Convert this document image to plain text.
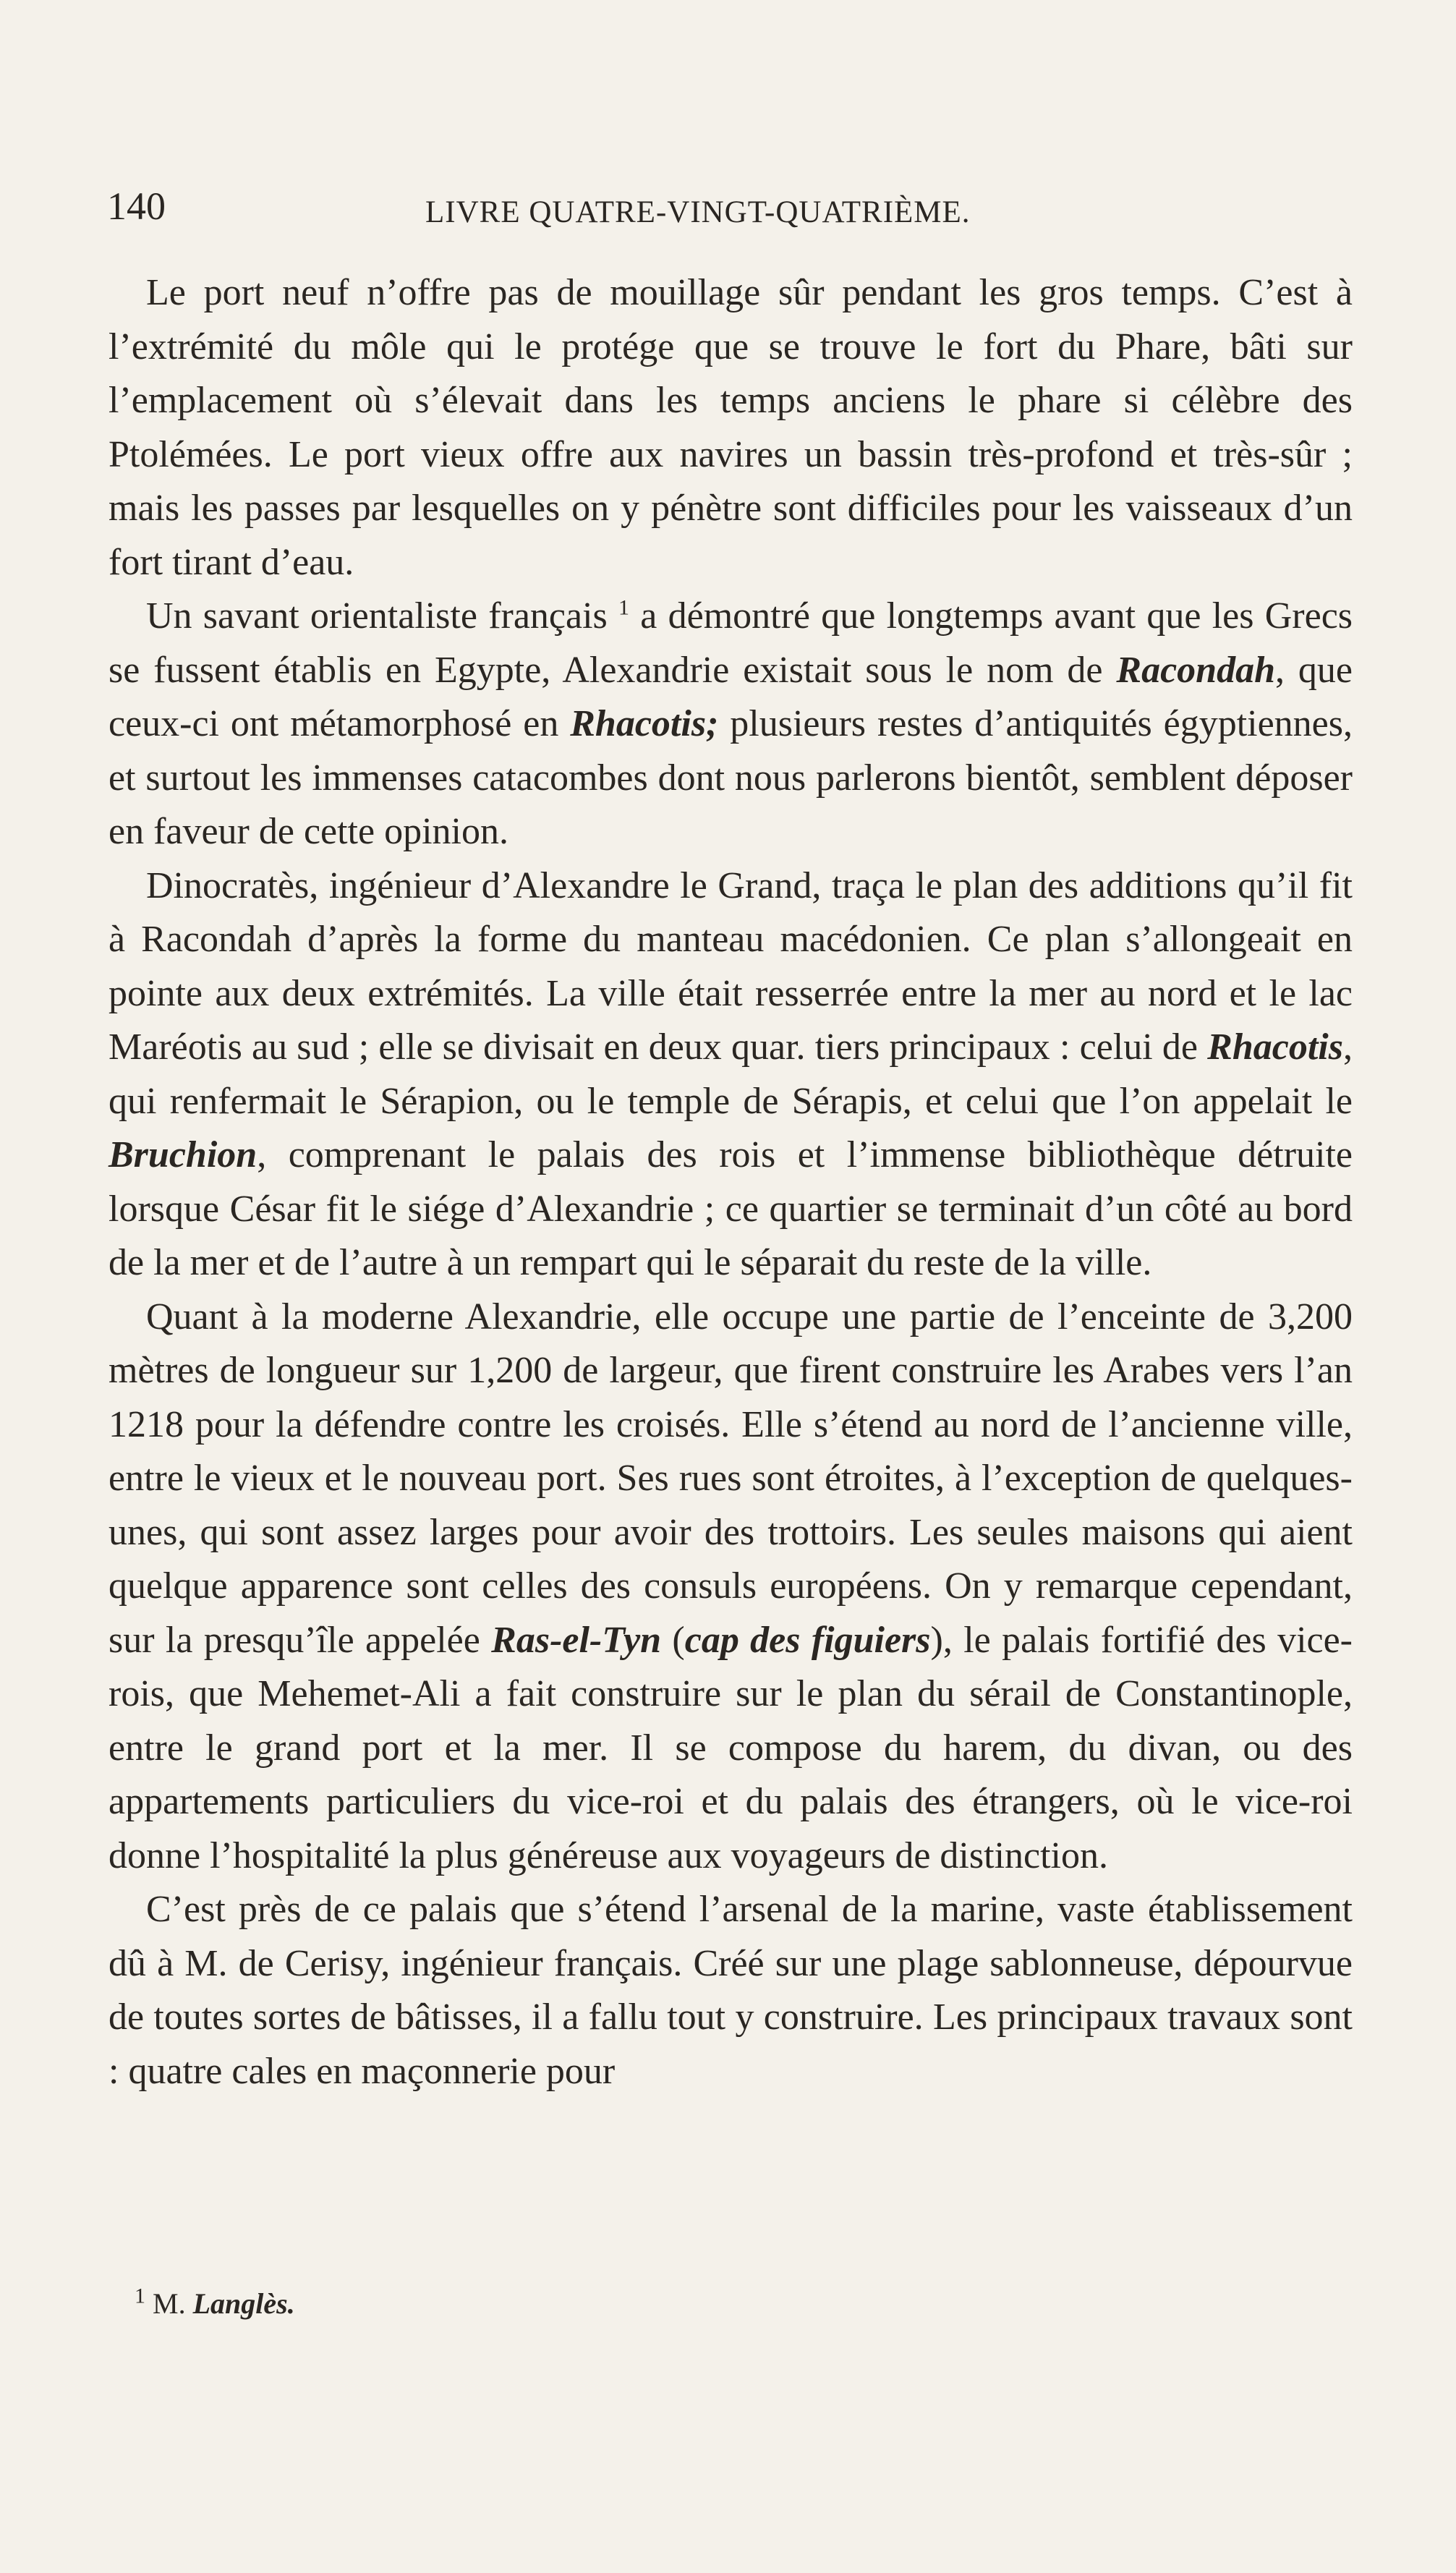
140	LIVRE QUATRE-VINGT-QUATRIÈME.

Le port neuf n’offre pas de mouillage sûr pendant les gros temps. C’est à l’extrémité du môle qui le protége que se trouve le fort du Phare, bâti sur l’emplacement où s’élevait dans les temps anciens le phare si célèbre des Ptolémées. Le port vieux offre aux navires un bassin très-profond et très-sûr ; mais les passes par lesquelles on y pénètre sont difficiles pour les vaisseaux d’un fort tirant d’eau.

Un savant orientaliste français $^1$ a démontré que longtemps avant que les Grecs se fussent établis en Egypte, Alexandrie existait sous le nom de Racondah, que ceux-ci ont métamorphosé en Rhacotis; plusieurs restes d’antiquités égyptiennes, et surtout les immenses catacombes dont nous parlerons bientôt, semblent déposer en faveur de cette opinion.

Dinocratès, ingénieur d’Alexandre le Grand, traça le plan des additions qu’il fit à Racondah d’après la forme du manteau macédonien. Ce plan s’allongeait en pointe aux deux extrémités. La ville était resserrée entre la mer au nord et le lac Maréotis au sud ; elle se divisait en deux quar. tiers principaux : celui de Rhacotis, qui renfermait le Sérapion, ou le temple de Sérapis, et celui que l’on appelait le Bruchion, comprenant le palais des rois et l’immense bibliothèque détruite lorsque César fit le siége d’Alexandrie ; ce quartier se terminait d’un côté au bord de la mer et de l’autre à un rempart qui le séparait du reste de la ville.

Quant à la moderne Alexandrie, elle occupe une partie de l’enceinte de 3,200 mètres de longueur sur 1,200 de largeur, que firent construire les Arabes vers l’an 1218 pour la défendre contre les croisés. Elle s’étend au nord de l’ancienne ville, entre le vieux et le nouveau port. Ses rues sont étroites, à l’exception de quelques-unes, qui sont assez larges pour avoir des trottoirs. Les seules maisons qui aient quelque apparence sont celles des consuls européens. On y remarque cependant, sur la presqu’île appelée Ras-el-Tyn (cap des figuiers), le palais fortifié des vice-rois, que Mehemet-Ali a fait construire sur le plan du sérail de Constantinople, entre le grand port et la mer. Il se compose du harem, du divan, ou des appartements particuliers du vice-roi et du palais des étrangers, où le vice-roi donne l’hospitalité la plus généreuse aux voyageurs de distinction.

C’est près de ce palais que s’étend l’arsenal de la marine, vaste établissement dû à M. de Cerisy, ingénieur français. Créé sur une plage sablonneuse, dépourvue de toutes sortes de bâtisses, il a fallu tout y construire. Les principaux travaux sont : quatre cales en maçonnerie pour

$^1$ M. Langlès.
